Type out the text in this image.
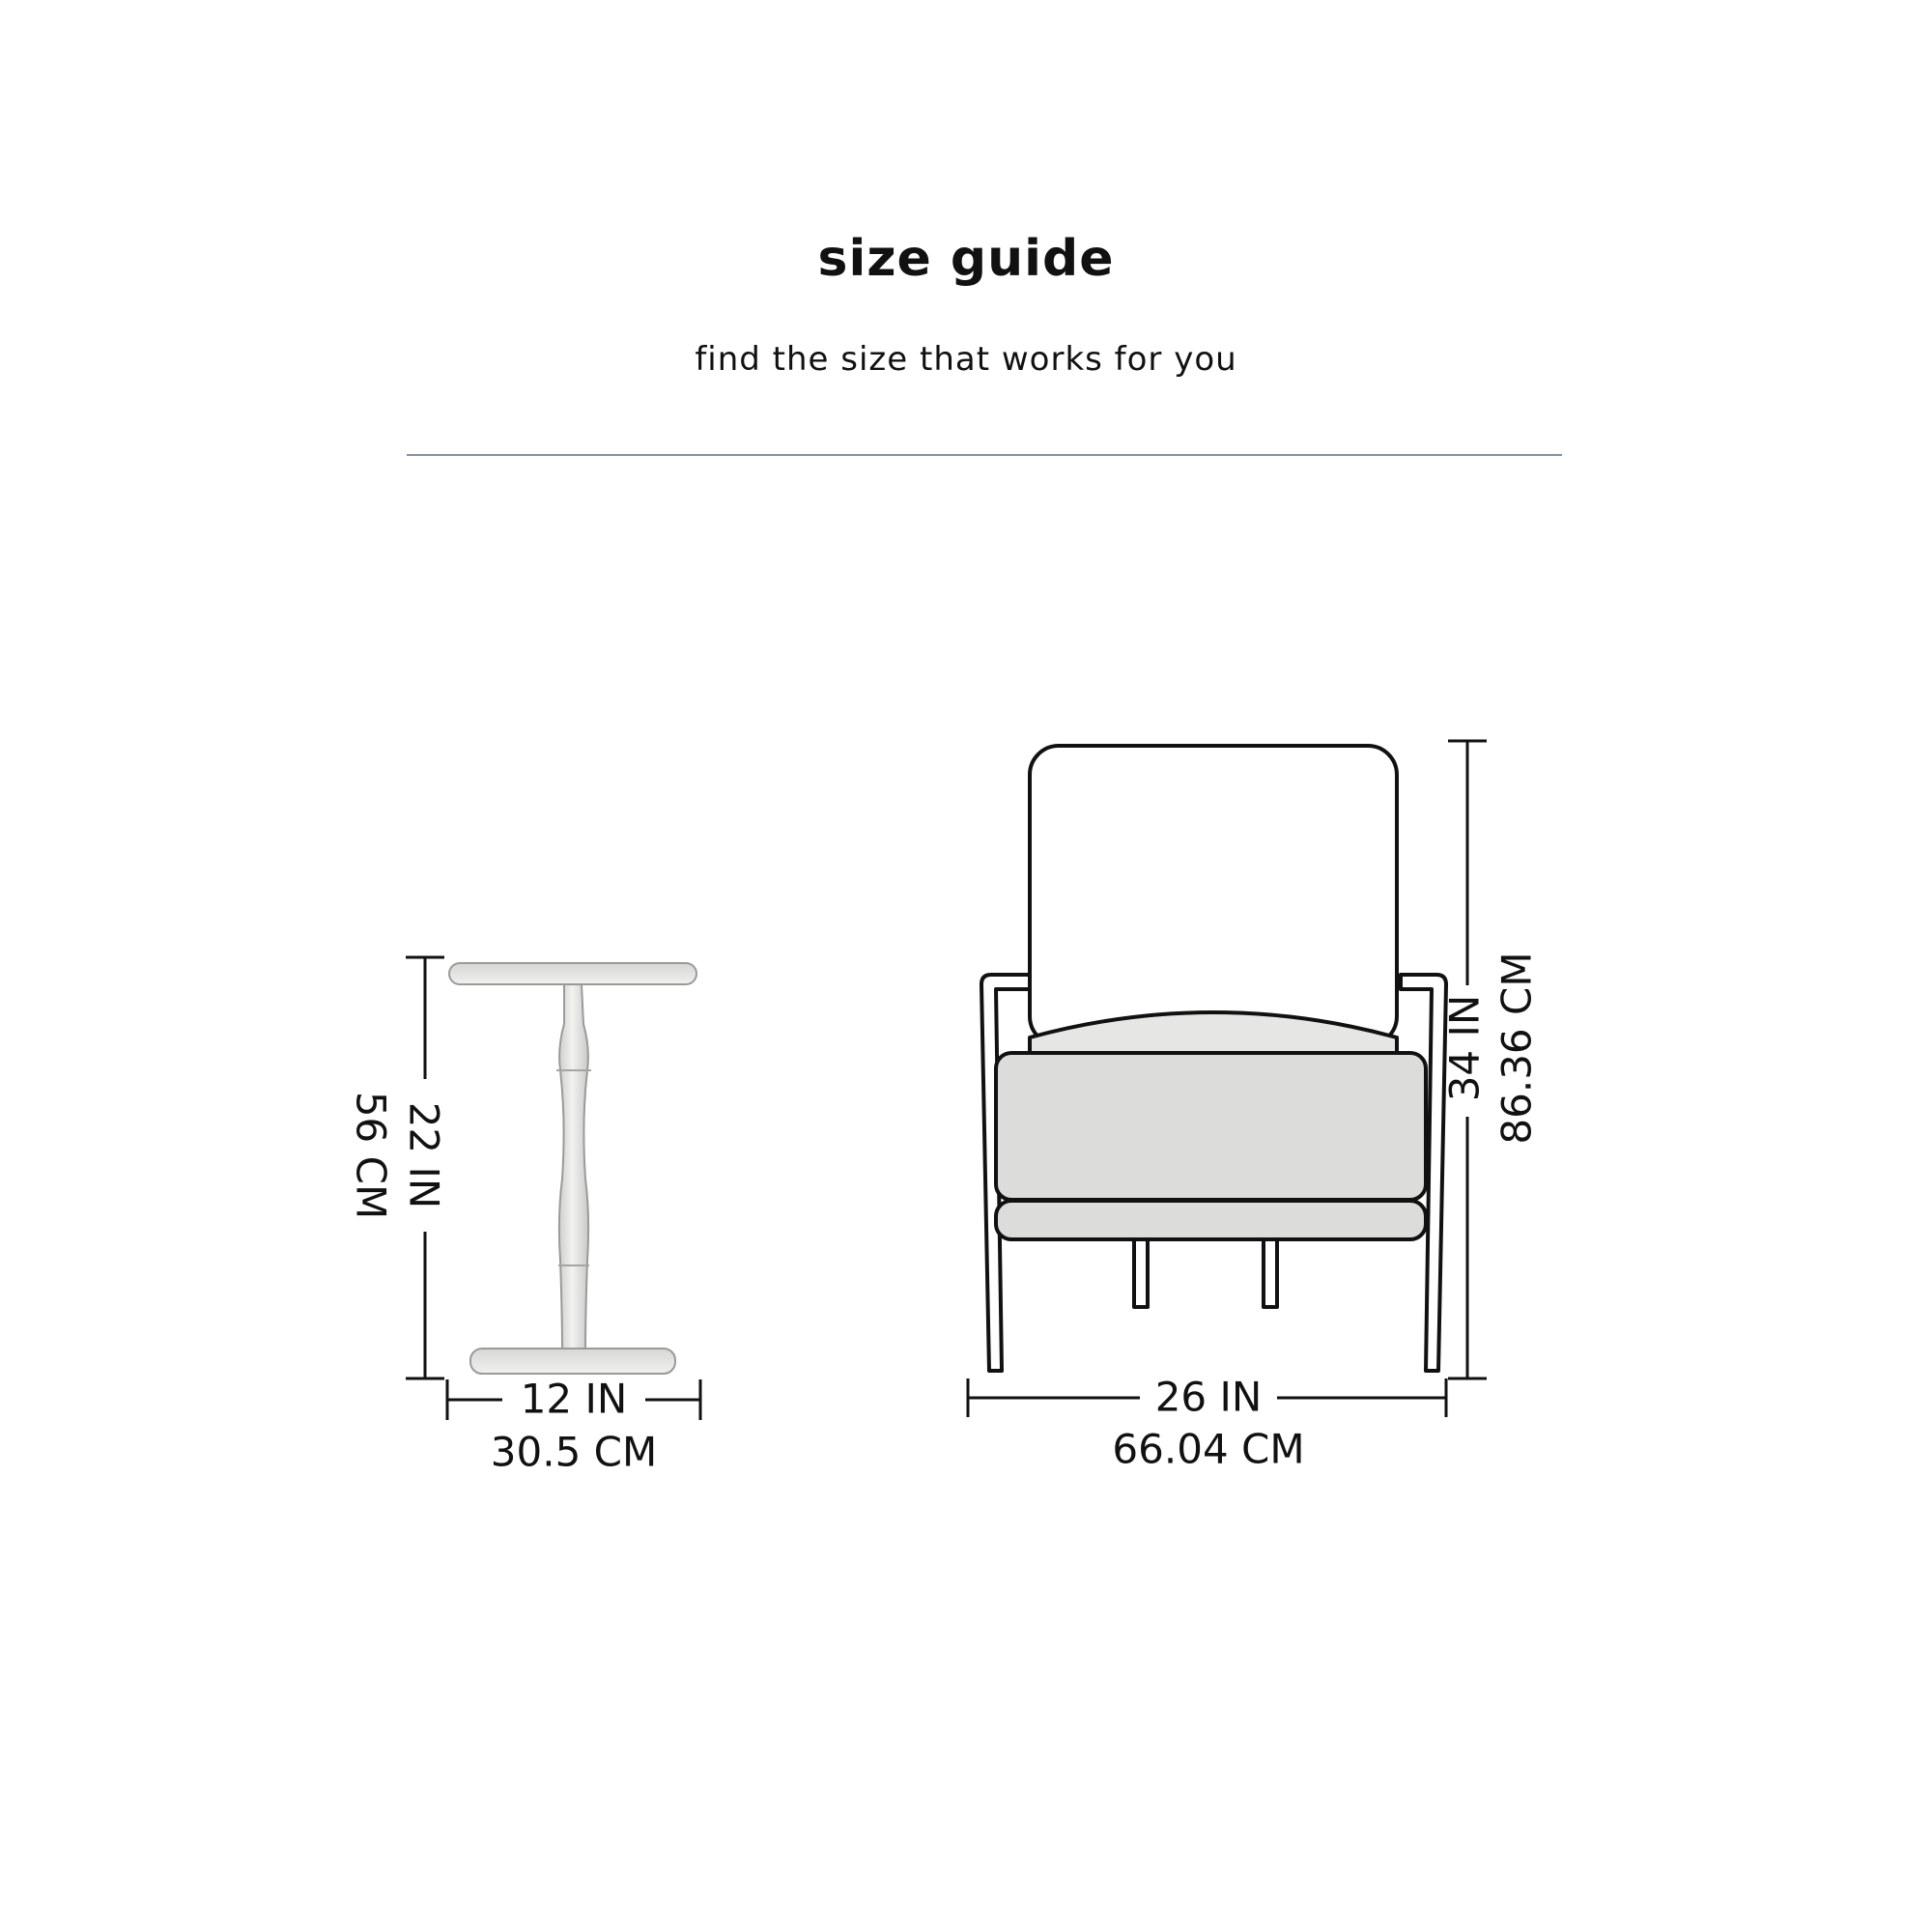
size guide
find the size that works for you
22 IN
56 CM
12 IN
30.5 CM
34 IN 86.36 CM
26 IN
66.04 CM
